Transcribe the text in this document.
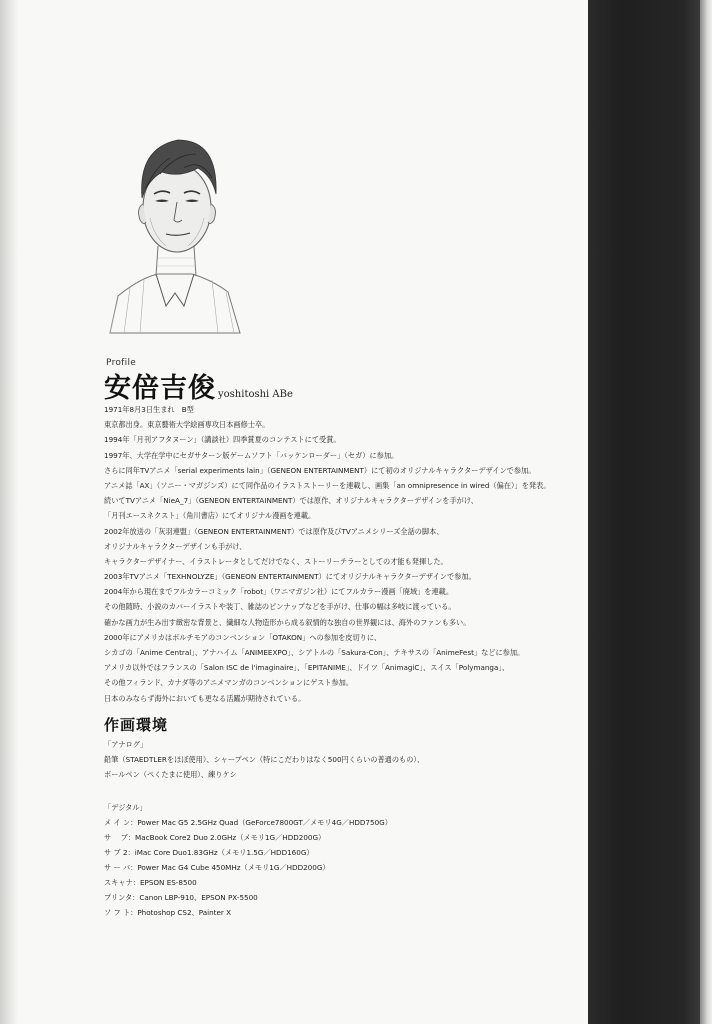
Profile
安倍吉俊 yoshitoshi ABe
1971年8月3日生まれ　B型
東京都出身。東京藝術大学絵画専攻日本画修士卒。
1994年「月刊アフタヌーン」（講談社）四季賞夏のコンテストにて受賞。
1997年、大学在学中にセガサターン版ゲームソフト「バッケンローダー」（セガ）に参加。
さらに同年TVアニメ「serial experiments lain」（GENEON ENTERTAINMENT）にて初のオリジナルキャラクターデザインで参加。
アニメ誌「AX」（ソニー・マガジンズ）にて同作品のイラストストーリーを連載し、画集「an omnipresence in wired（偏在）」を発表。
続いてTVアニメ「NieA_7」（GENEON ENTERTAINMENT）では原作、オリジナルキャラクターデザインを手がけ、
「月刊エースネクスト」（角川書店）にてオリジナル漫画を連載。
2002年放送の「灰羽連盟」（GENEON ENTERTAINMENT）では原作及びTVアニメシリーズ全話の脚本、
オリジナルキャラクターデザインも手がけ、
キャラクターデザイナー、イラストレータとしてだけでなく、ストーリーテラーとしての才能も発揮した。
2003年TVアニメ「TEXHNOLYZE」（GENEON ENTERTAINMENT）にてオリジナルキャラクターデザインで参加。
2004年から現在までフルカラーコミック「robot」（ワニマガジン社）にてフルカラー漫画「廃域」を連載。
その他随時、小説のカバーイラストや装丁、雑誌のピンナップなどを手がけ、仕事の幅は多岐に渡っている。
確かな画力が生み出す緻密な背景と、繊細な人物造形から成る叙情的な独自の世界観には、海外のファンも多い。
2000年にアメリカはボルチモアのコンベンション「OTAKON」への参加を皮切りに、
シカゴの「Anime Central」、アナハイム「ANIMEEXPO」、シアトルの「Sakura-Con」、テキサスの「AnimeFest」などに参加。
アメリカ以外ではフランスの「Salon ISC de l'imaginaire」、「EPITANIME」、ドイツ「AnimagiC」、スイス「Polymanga」、
その他フィランド、カナダ等のアニメマンガのコンベンションにゲスト参加。
日本のみならず海外においても更なる活躍が期待されている。
作画環境
「アナログ」
鉛筆（STAEDTLERをほぼ使用）、シャープペン（特にこだわりはなく500円くらいの普通のもの）、
ボールペン（ぺくたまに使用）、練りケシ
「デジタル」
メ イ ン：Power Mac G5 2.5GHz Quad（GeForce7800GT／メモリ4G／HDD750G）
サ　 ブ：MacBook Core2 Duo 2.0GHz（メモリ1G／HDD200G）
サ ブ 2：iMac Core Duo1.83GHz（メモリ1.5G／HDD160G）
サ ー バ：Power Mac G4 Cube 450MHz（メモリ1G／HDD200G）
スキャナ：EPSON ES-8500
プリンタ：Canon LBP-910、EPSON PX-5500
ソ フ ト：Photoshop CS2、Painter X
